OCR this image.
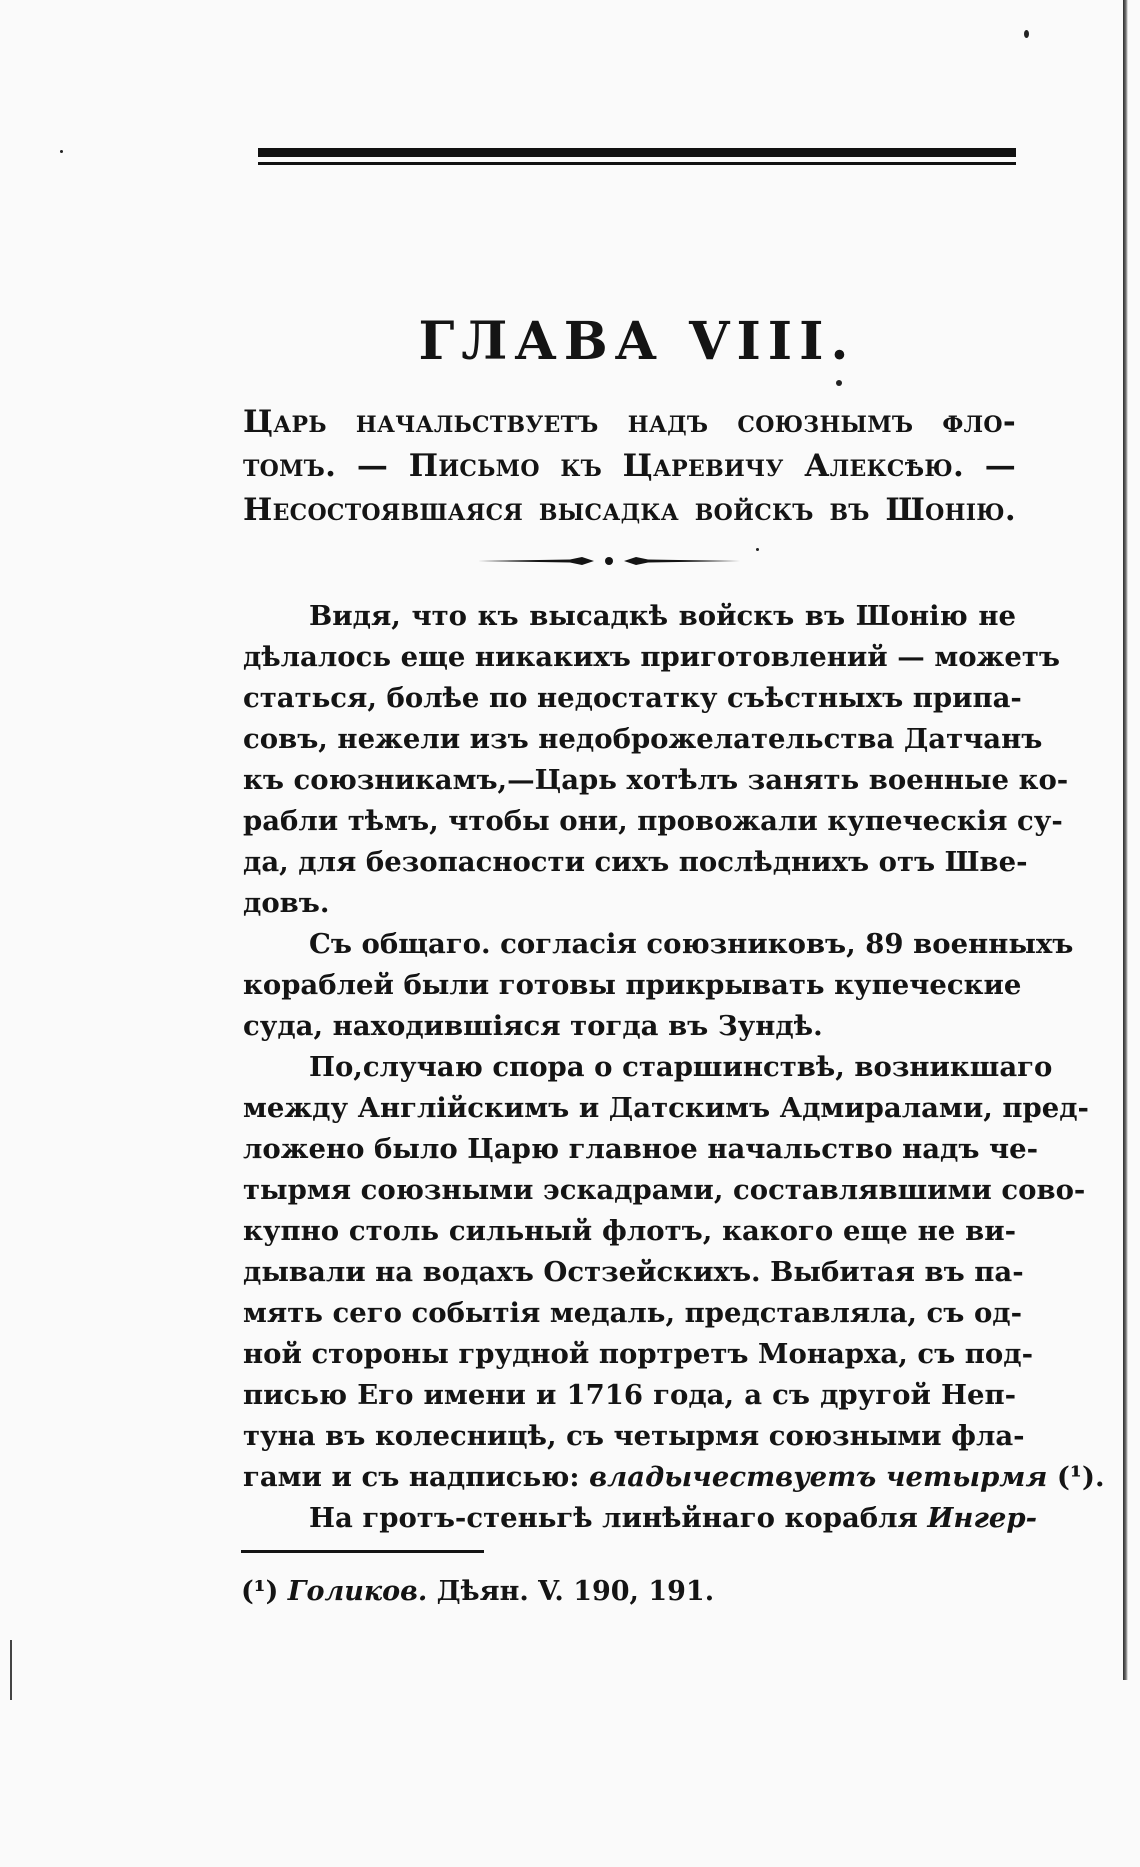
ГЛАВА VIII.
Царь начальствуетъ надъ союзнымъ фло-
томъ. — Письмо къ Царевичу Алексѣю. —
Несостоявшаяся высадка войскъ въ Шонію.

Видя, что къ высадкѣ войскъ въ Шонію не
дѣлалось еще никакихъ приготовлений — можетъ
статься, болѣе по недостатку съѣстныхъ припа-
совъ, нежели изъ недоброжелательства Датчанъ
къ союзникамъ,—Царь хотѣлъ занять военные ко-
рабли тѣмъ, чтобы они, провожали купеческія су-
да, для безопасности сихъ послѣднихъ отъ Шве-
довъ.

Съ общаго. согласія союзниковъ, 89 военныхъ
кораблей были готовы прикрывать купеческие
суда, находившіяся тогда въ Зундѣ.

По,случаю спора о старшинствѣ, возникшаго
между Англійскимъ и Датскимъ Адмиралами, пред-
ложено было Царю главное начальство надъ че-
тырмя союзными эскадрами, составлявшими сово-
купно столь сильный флотъ, какого еще не ви-
дывали на водахъ Остзейскихъ. Выбитая въ па-
мять сего событія медаль, представляла, съ од-
ной стороны грудной портретъ Монарха, съ под-
писью Его имени и 1716 года, а съ другой Неп-
туна въ колесницѣ, съ четырмя союзными фла-
гами и съ надписью: владычествуетъ четырмя (¹).

На гротъ-стеньгѣ линѣйнаго корабля Ингер-

(¹) Голиков. Дѣян. V. 190, 191.
